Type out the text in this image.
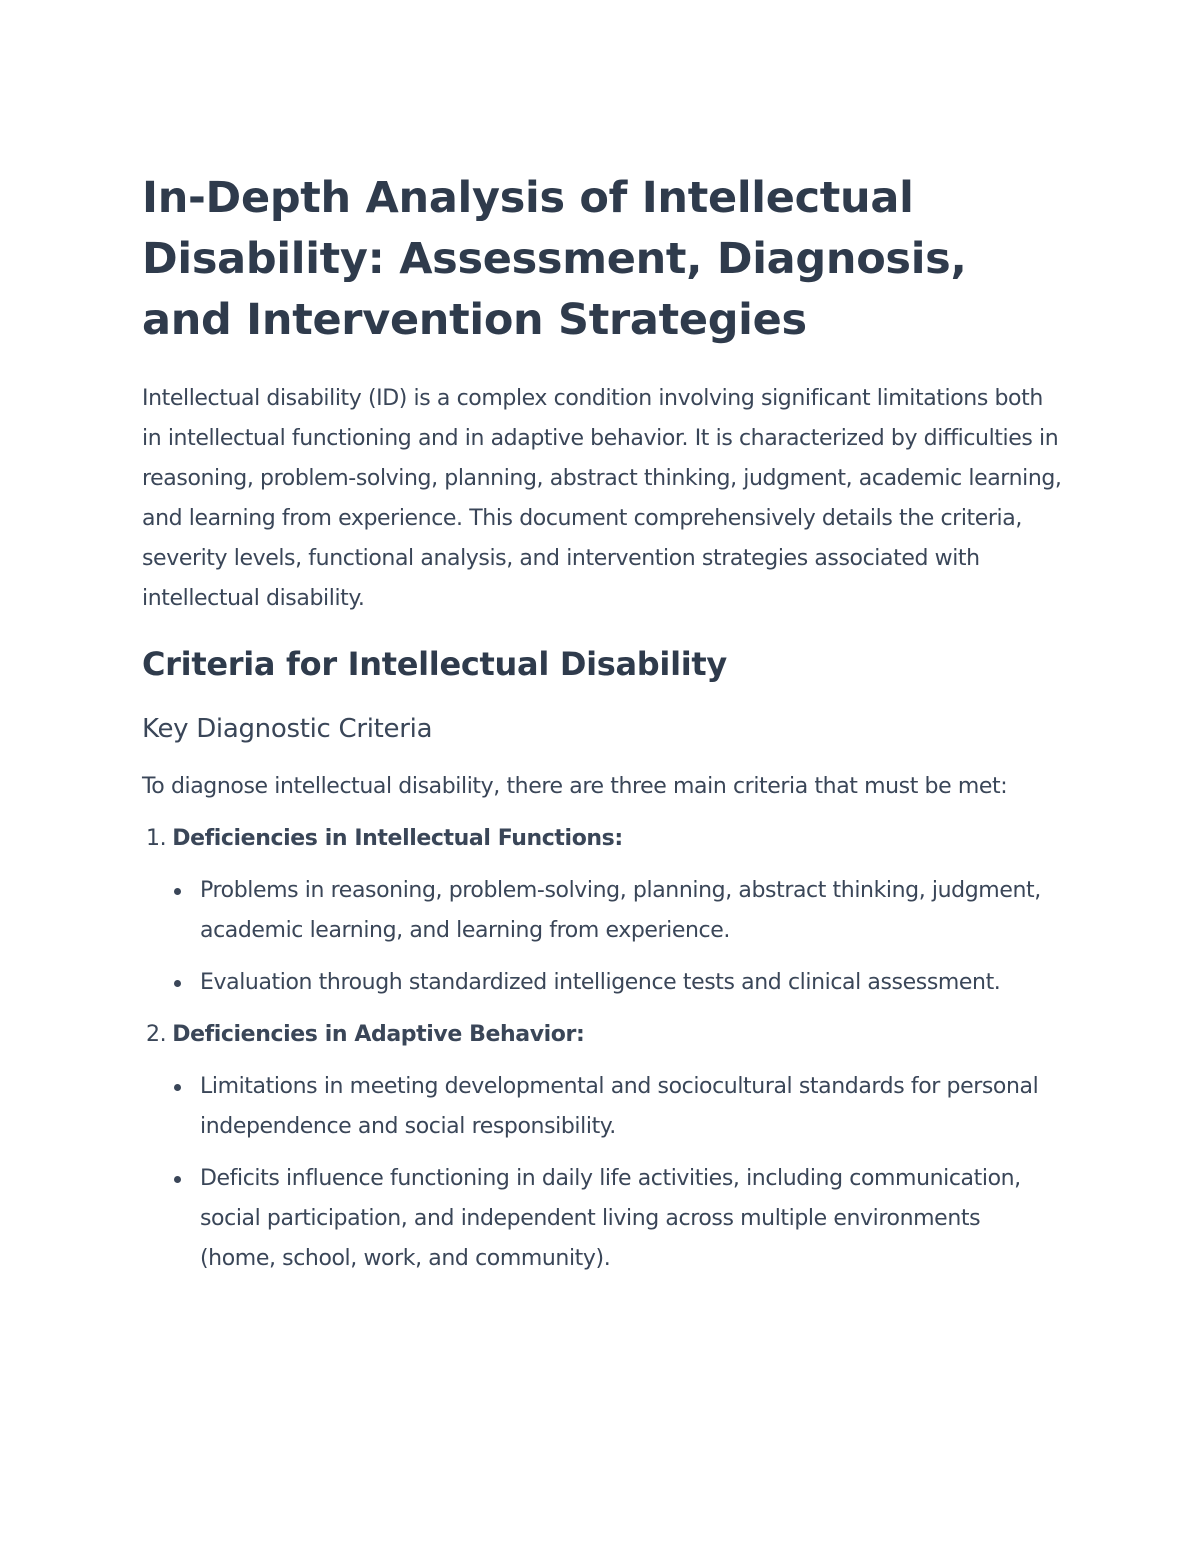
In-Depth Analysis of Intellectual Disability: Assessment, Diagnosis, and Intervention Strategies

Intellectual disability (ID) is a complex condition involving significant limitations both in intellectual functioning and in adaptive behavior. It is characterized by difficulties in reasoning, problem-solving, planning, abstract thinking, judgment, academic learning, and learning from experience. This document comprehensively details the criteria, severity levels, functional analysis, and intervention strategies associated with intellectual disability.

Criteria for Intellectual Disability
Key Diagnostic Criteria

To diagnose intellectual disability, there are three main criteria that must be met:

1. Deficiencies in Intellectual Functions:
Problems in reasoning, problem-solving, planning, abstract thinking, judgment, academic learning, and learning from experience.
Evaluation through standardized intelligence tests and clinical assessment.
2. Deficiencies in Adaptive Behavior:
Limitations in meeting developmental and sociocultural standards for personal independence and social responsibility.
Deficits influence functioning in daily life activities, including communication, social participation, and independent living across multiple environments (home, school, work, and community).
